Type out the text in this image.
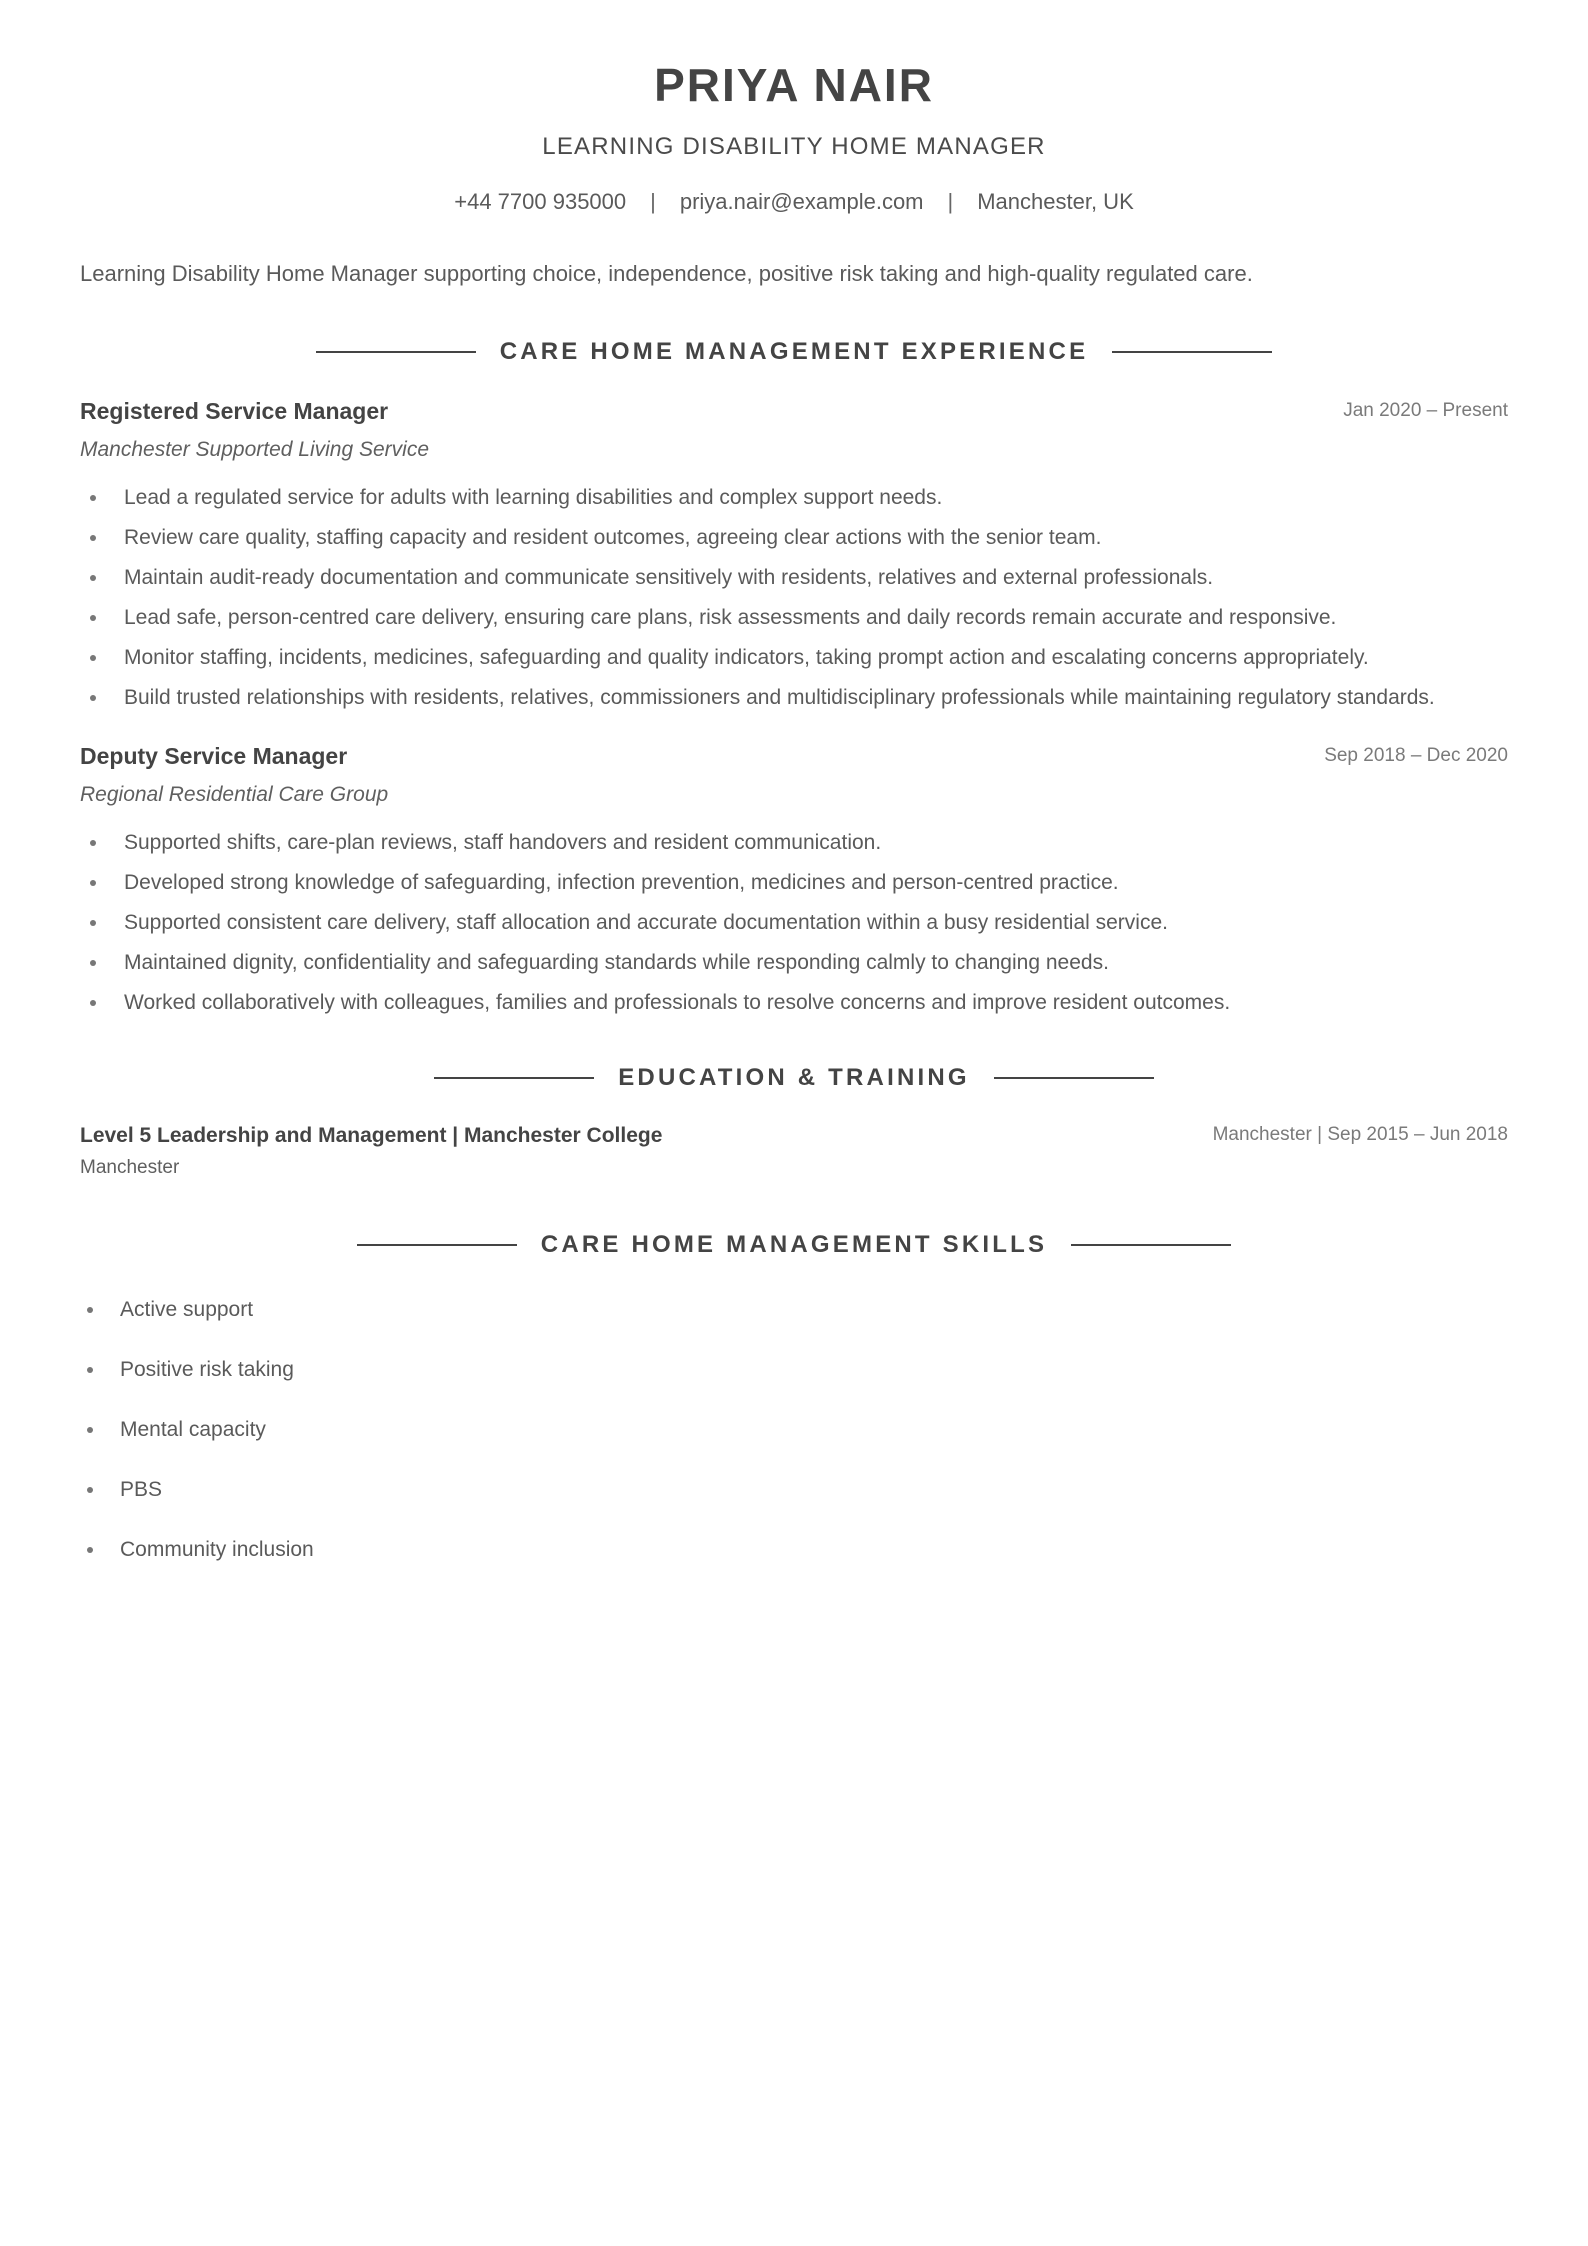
PRIYA NAIR
LEARNING DISABILITY HOME MANAGER
+44 7700 935000 | priya.nair@example.com | Manchester, UK
Learning Disability Home Manager supporting choice, independence, positive risk taking and high-quality regulated care.
CARE HOME MANAGEMENT EXPERIENCE
Registered Service Manager	Jan 2020 – Present
Manchester Supported Living Service
Lead a regulated service for adults with learning disabilities and complex support needs.
Review care quality, staffing capacity and resident outcomes, agreeing clear actions with the senior team.
Maintain audit-ready documentation and communicate sensitively with residents, relatives and external professionals.
Lead safe, person-centred care delivery, ensuring care plans, risk assessments and daily records remain accurate and responsive.
Monitor staffing, incidents, medicines, safeguarding and quality indicators, taking prompt action and escalating concerns appropriately.
Build trusted relationships with residents, relatives, commissioners and multidisciplinary professionals while maintaining regulatory standards.
Deputy Service Manager	Sep 2018 – Dec 2020
Regional Residential Care Group
Supported shifts, care-plan reviews, staff handovers and resident communication.
Developed strong knowledge of safeguarding, infection prevention, medicines and person-centred practice.
Supported consistent care delivery, staff allocation and accurate documentation within a busy residential service.
Maintained dignity, confidentiality and safeguarding standards while responding calmly to changing needs.
Worked collaboratively with colleagues, families and professionals to resolve concerns and improve resident outcomes.
EDUCATION & TRAINING
Level 5 Leadership and Management | Manchester College	Manchester | Sep 2015 – Jun 2018
Manchester
CARE HOME MANAGEMENT SKILLS
Active support
Positive risk taking
Mental capacity
PBS
Community inclusion
